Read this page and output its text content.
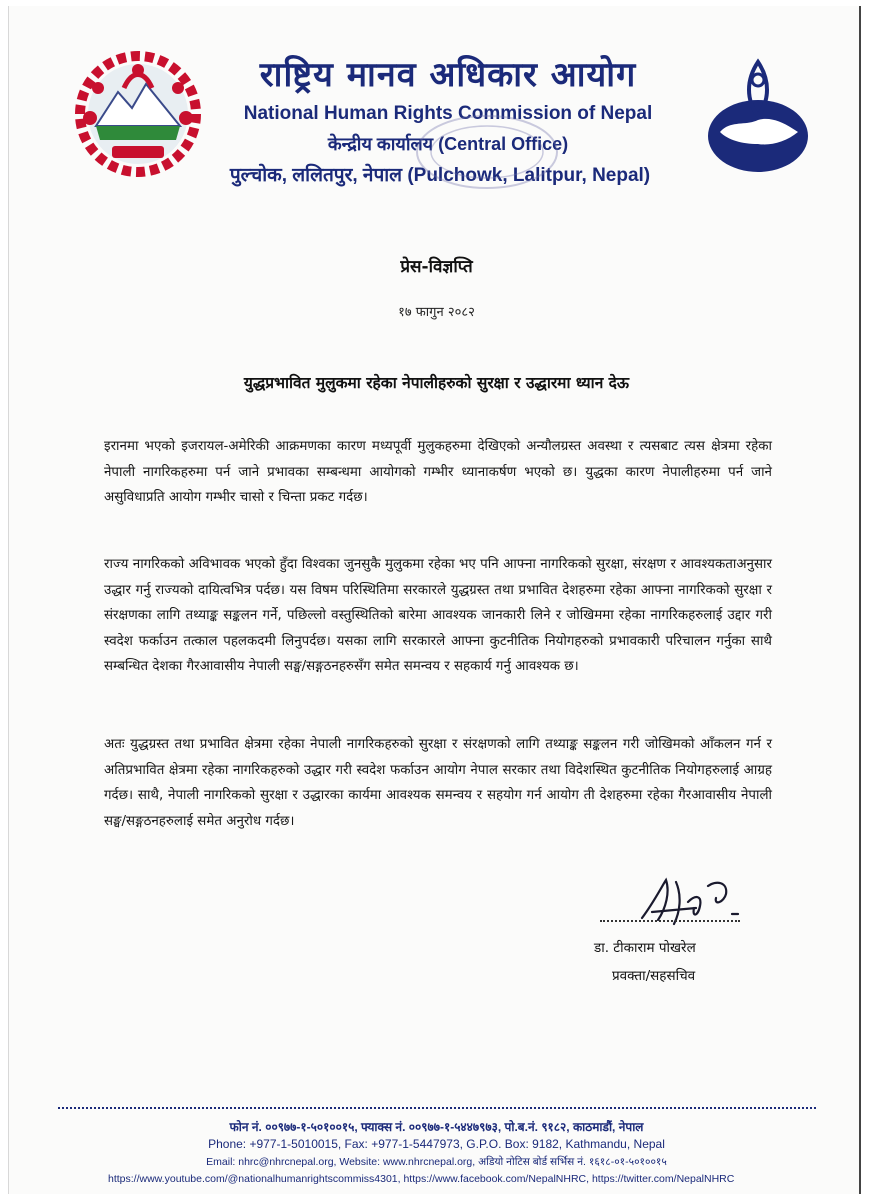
राष्ट्रिय मानव अधिकार आयोग
National Human Rights Commission of Nepal
केन्द्रीय कार्यालय (Central Office)
पुल्चोक, ललितपुर, नेपाल (Pulchowk, Lalitpur, Nepal)
प्रेस-विज्ञप्ति
१७ फागुन २०८२
युद्धप्रभावित मुलुकमा रहेका नेपालीहरुको सुरक्षा र उद्धारमा ध्यान देऊ
इरानमा भएको इजरायल-अमेरिकी आक्रमणका कारण मध्यपूर्वी मुलुकहरुमा देखिएको अन्यौलग्रस्त अवस्था र त्यसबाट त्यस क्षेत्रमा रहेका नेपाली नागरिकहरुमा पर्न जाने प्रभावका सम्बन्धमा आयोगको गम्भीर ध्यानाकर्षण भएको छ। युद्धका कारण नेपालीहरुमा पर्न जाने असुविधाप्रति आयोग गम्भीर चासो र चिन्ता प्रकट गर्दछ।
राज्य नागरिकको अविभावक भएको हुँदा विश्वका जुनसुकै मुलुकमा रहेका भए पनि आफ्ना नागरिकको सुरक्षा, संरक्षण र आवश्यकताअनुसार उद्धार गर्नु राज्यको दायित्वभित्र पर्दछ। यस विषम परिस्थितिमा सरकारले युद्धग्रस्त तथा प्रभावित देशहरुमा रहेका आफ्ना नागरिकको सुरक्षा र संरक्षणका लागि तथ्याङ्क सङ्कलन गर्ने, पछिल्लो वस्तुस्थितिको बारेमा आवश्यक जानकारी लिने र जोखिममा रहेका नागरिकहरुलाई उद्दार गरी स्वदेश फर्काउन तत्काल पहलकदमी लिनुपर्दछ। यसका लागि सरकारले आफ्ना कुटनीतिक नियोगहरुको प्रभावकारी परिचालन गर्नुका साथै सम्बन्धित देशका गैरआवासीय नेपाली सङ्घ/सङ्गठनहरुसँग समेत समन्वय र सहकार्य गर्नु आवश्यक छ।
अतः युद्धग्रस्त तथा प्रभावित क्षेत्रमा रहेका नेपाली नागरिकहरुको सुरक्षा र संरक्षणको लागि तथ्याङ्क सङ्कलन गरी जोखिमको आँकलन गर्न र अतिप्रभावित क्षेत्रमा रहेका नागरिकहरुको उद्धार गरी स्वदेश फर्काउन आयोग नेपाल सरकार तथा विदेशस्थित कुटनीतिक नियोगहरुलाई आग्रह गर्दछ। साथै, नेपाली नागरिकको सुरक्षा र उद्धारका कार्यमा आवश्यक समन्वय र सहयोग गर्न आयोग ती देशहरुमा रहेका गैरआवासीय नेपाली सङ्घ/सङ्गठनहरुलाई समेत अनुरोध गर्दछ।
डा. टीकाराम पोखरेल
प्रवक्ता/सहसचिव
फोन नं. ००९७७-१-५०१००१५, फ्याक्स नं. ००९७७-१-५४४७९७३, पो.ब.नं. ९१८२, काठमाडौं, नेपाल
Phone: +977-1-5010015, Fax: +977-1-5447973, G.P.O. Box: 9182, Kathmandu, Nepal
Email: nhrc@nhrcnepal.org, Website: www.nhrcnepal.org, अडियो नोटिस बोर्ड सर्भिस नं. १६१८-०१-५०१००१५
https://www.youtube.com/@nationalhumanrightscommiss4301, https://www.facebook.com/NepalNHRC, https://twitter.com/NepalNHRC
